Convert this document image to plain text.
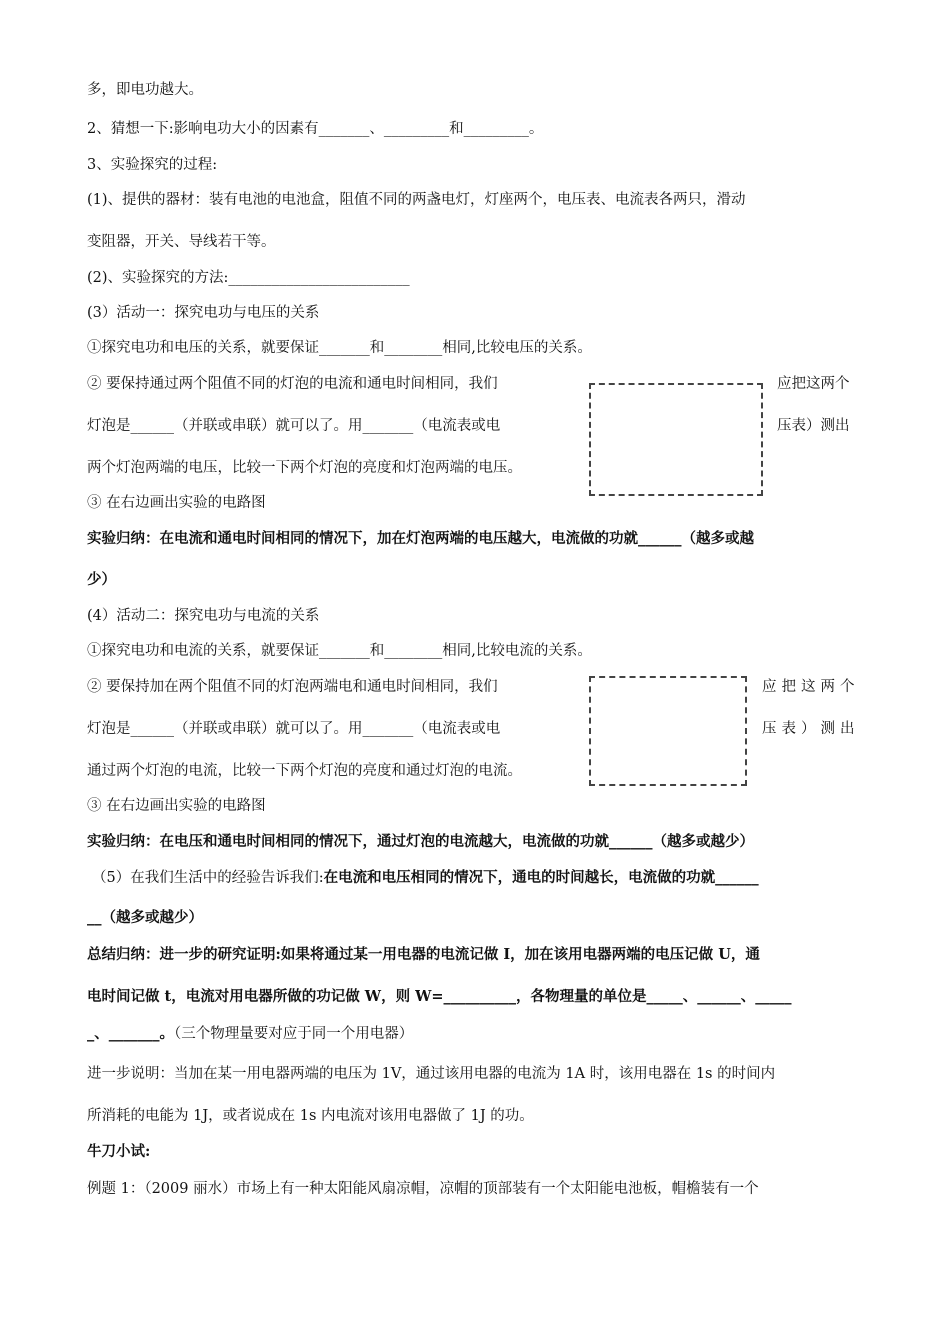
多，即电功越大。
2、猜想一下:影响电功大小的因素有_______、_________和_________。
3、实验探究的过程:
(1)、提供的器材：装有电池的电池盒，阻值不同的两盏电灯，灯座两个，电压表、电流表各两只，滑动
变阻器，开关、导线若干等。
(2)、实验探究的方法:_________________________
(3）活动一：探究电功与电压的关系
①探究电功和电压的关系，就要保证_______和________相同,比较电压的关系。
② 要保持通过两个阻值不同的灯泡的电流和通电时间相同，我们	应把这两个
灯泡是______（并联或串联）就可以了。用_______（电流表或电	压表）测出
两个灯泡两端的电压，比较一下两个灯泡的亮度和灯泡两端的电压。
③ 在右边画出实验的电路图
实验归纳：在电流和通电时间相同的情况下，加在灯泡两端的电压越大，电流做的功就______（越多或越
少）
(4）活动二：探究电功与电流的关系
①探究电功和电流的关系，就要保证_______和________相同,比较电流的关系。
② 要保持加在两个阻值不同的灯泡两端电和通电时间相同，我们	应把这两个
灯泡是______（并联或串联）就可以了。用_______（电流表或电	压表）测出
通过两个灯泡的电流，比较一下两个灯泡的亮度和通过灯泡的电流。
③ 在右边画出实验的电路图
实验归纳：在电压和通电时间相同的情况下，通过灯泡的电流越大，电流做的功就______（越多或越少）
（5）在我们生活中的经验告诉我们:在电流和电压相同的情况下，通电的时间越长，电流做的功就______
__（越多或越少）
总结归纳：进一步的研究证明:如果将通过某一用电器的电流记做 I，加在该用电器两端的电压记做 U，通
电时间记做 t，电流对用电器所做的功记做 W，则 W=__________，各物理量的单位是_____、______、_____
_、_______。（三个物理量要对应于同一个用电器）
进一步说明：当加在某一用电器两端的电压为 1V，通过该用电器的电流为 1A 时，该用电器在 1s 的时间内
所消耗的电能为 1J，或者说成在 1s 内电流对该用电器做了 1J 的功。
牛刀小试:
例题 1：（2009 丽水）市场上有一种太阳能风扇凉帽，凉帽的顶部装有一个太阳能电池板，帽檐装有一个
